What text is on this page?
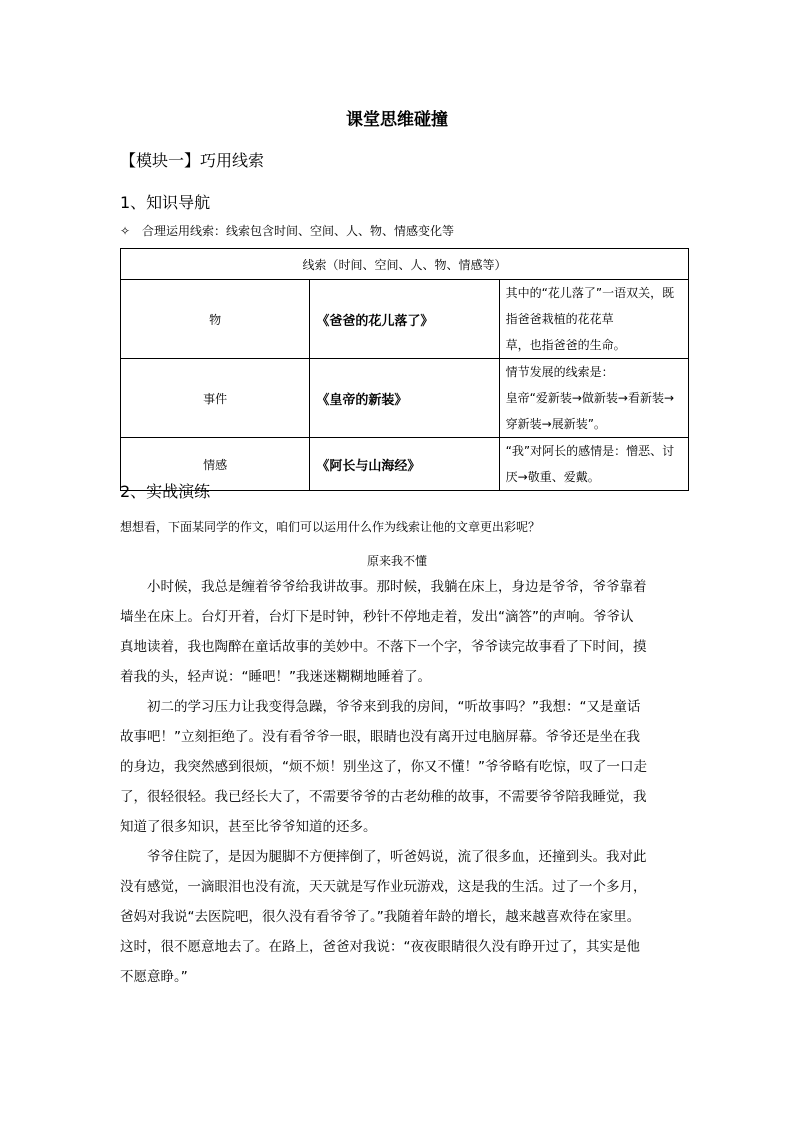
课堂思维碰撞
【模块一】巧用线索
1、知识导航
✧ 合理运用线索：线索包含时间、空间、人、物、情感变化等
线索（时间、空间、人、物、情感等）		
物	《爸爸的花儿落了》	其中的“花儿落了”一语双关，既指爸爸栽植的花花草
草，也指爸爸的生命。

事件	《皇帝的新装》	情节发展的线索是：
皇帝“爱新装→做新装→看新装→穿新装→展新装”。

情感	《阿长与山海经》	“我”对阿长的感情是：憎恶、讨厌→敬重、爱戴。
2、实战演练
想想看，下面某同学的作文，咱们可以运用什么作为线索让他的文章更出彩呢？
原来我不懂

小时候，我总是缠着爷爷给我讲故事。那时候，我躺在床上，身边是爷爷，爷爷靠着

墙坐在床上。台灯开着，台灯下是时钟，秒针不停地走着，发出“滴答”的声响。爷爷认
真地读着，我也陶醉在童话故事的美妙中。不落下一个字，爷爷读完故事看了下时间，摸
着我的头，轻声说：“睡吧！”我迷迷糊糊地睡着了。

初二的学习压力让我变得急躁，爷爷来到我的房间，“听故事吗？”我想：“又是童话

故事吧！”立刻拒绝了。没有看爷爷一眼，眼睛也没有离开过电脑屏幕。爷爷还是坐在我
的身边，我突然感到很烦，“烦不烦！别坐这了，你又不懂！”爷爷略有吃惊，叹了一口走
了，很轻很轻。我已经长大了，不需要爷爷的古老幼稚的故事，不需要爷爷陪我睡觉，我
知道了很多知识，甚至比爷爷知道的还多。

爷爷住院了，是因为腿脚不方便摔倒了，听爸妈说，流了很多血，还撞到头。我对此

没有感觉，一滴眼泪也没有流，天天就是写作业玩游戏，这是我的生活。过了一个多月，
爸妈对我说“去医院吧，很久没有看爷爷了。”我随着年龄的增长，越来越喜欢待在家里。
这时，很不愿意地去了。在路上，爸爸对我说：“夜夜眼睛很久没有睁开过了，其实是他
不愿意睁。”
